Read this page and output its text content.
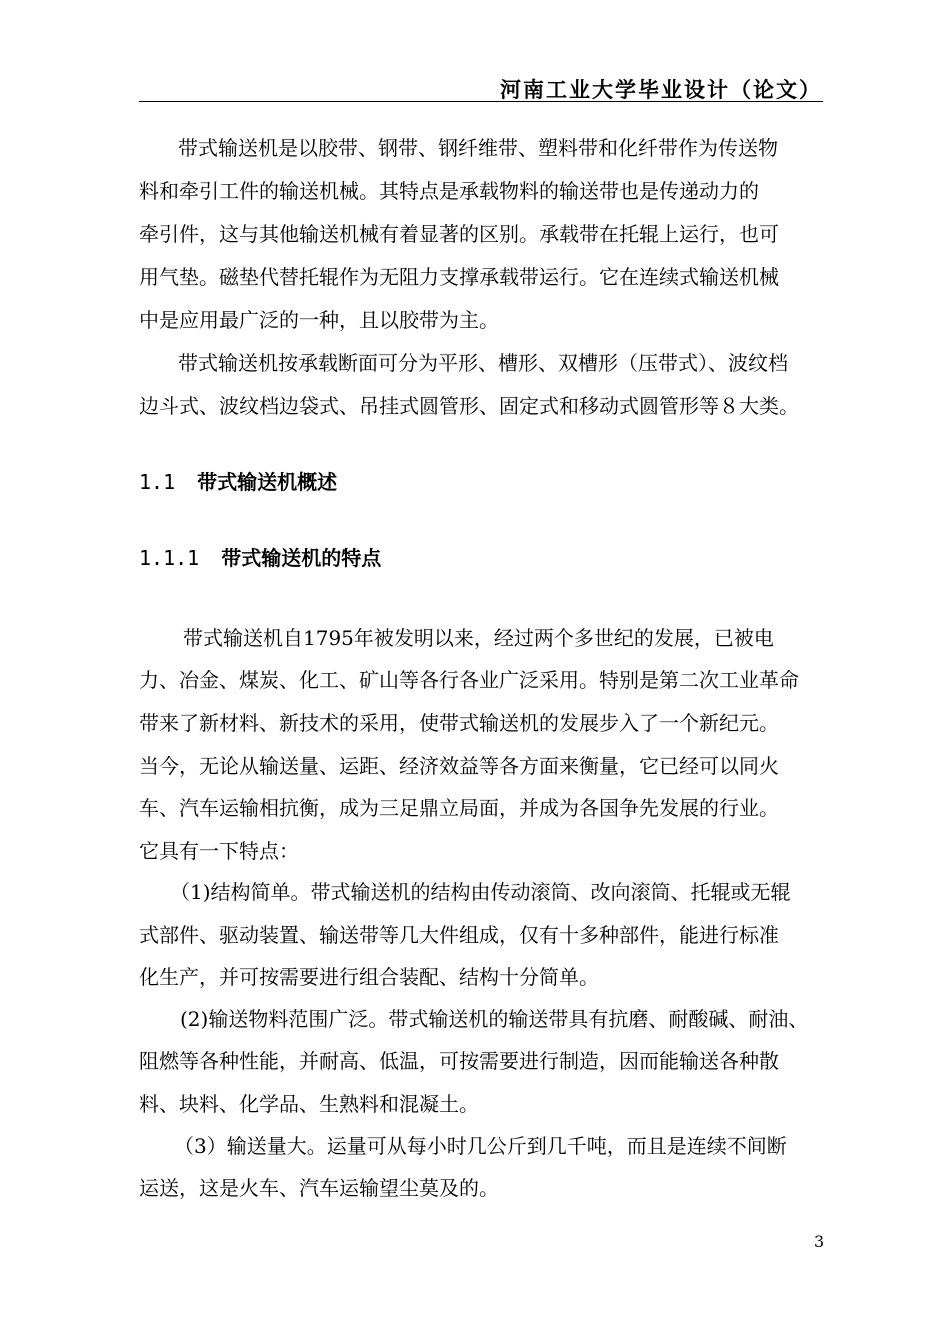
河南工业大学毕业设计（论文）
带式输送机是以胶带、钢带、钢纤维带、塑料带和化纤带作为传送物
料和牵引工件的输送机械。其特点是承载物料的输送带也是传递动力的
牵引件，这与其他输送机械有着显著的区别。承载带在托辊上运行，也可
用气垫。磁垫代替托辊作为无阻力支撑承载带运行。它在连续式输送机械
中是应用最广泛的一种，且以胶带为主。
带式输送机按承载断面可分为平形、槽形、双槽形（压带式）、波纹档
边斗式、波纹档边袋式、吊挂式圆管形、固定式和移动式圆管形等８大类。
1.1 带式输送机概述
1.1.1 带式输送机的特点
带式输送机自1795年被发明以来，经过两个多世纪的发展，已被电
力、冶金、煤炭、化工、矿山等各行各业广泛采用。特别是第二次工业革命
带来了新材料、新技术的采用，使带式输送机的发展步入了一个新纪元。
当今，无论从输送量、运距、经济效益等各方面来衡量，它已经可以同火
车、汽车运输相抗衡，成为三足鼎立局面，并成为各国争先发展的行业。
它具有一下特点：
（1)结构简单。带式输送机的结构由传动滚筒、改向滚筒、托辊或无辊
式部件、驱动装置、输送带等几大件组成，仅有十多种部件，能进行标准
化生产，并可按需要进行组合装配、结构十分简单。
(2)输送物料范围广泛。带式输送机的输送带具有抗磨、耐酸碱、耐油、
阻燃等各种性能，并耐高、低温，可按需要进行制造，因而能输送各种散
料、块料、化学品、生熟料和混凝土。
（3）输送量大。运量可从每小时几公斤到几千吨，而且是连续不间断
运送，这是火车、汽车运输望尘莫及的。
3
